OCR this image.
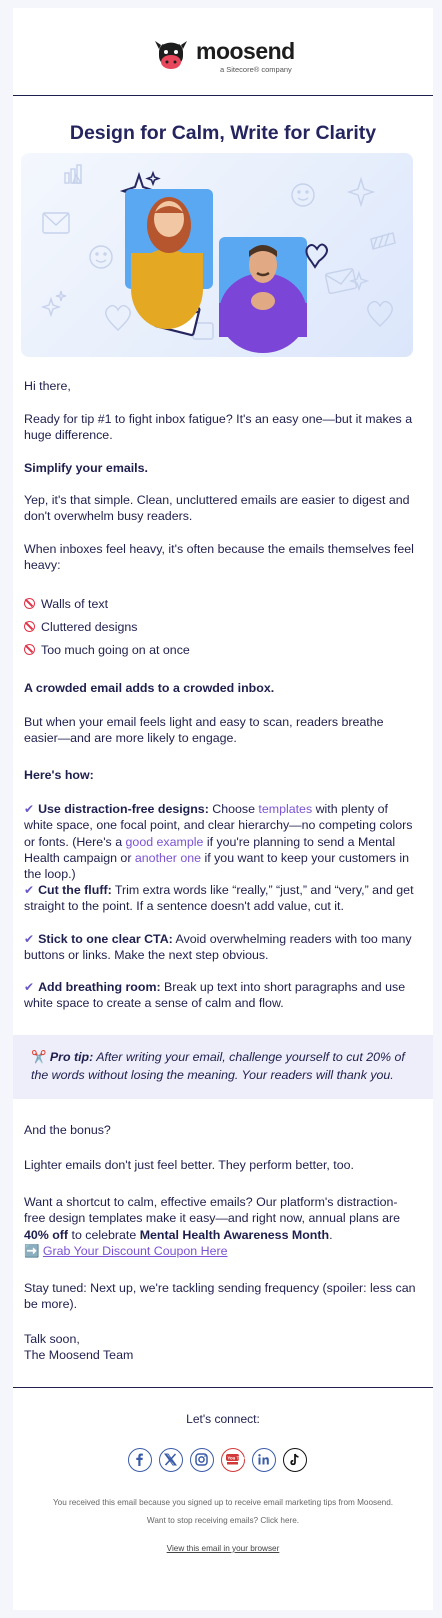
moosend
a Sitecore® company
Design for Calm, Write for Clarity
Hi there,
Ready for tip #1 to fight inbox fatigue? It's an easy one—but it makes a huge difference.
Simplify your emails.
Yep, it's that simple. Clean, uncluttered emails are easier to digest and don't overwhelm busy readers.
When inboxes feel heavy, it's often because the emails themselves feel heavy:
Walls of text
Cluttered designs
Too much going on at once
A crowded email adds to a crowded inbox.
But when your email feels light and easy to scan, readers breathe easier—and are more likely to engage.
Here's how:
✔ Use distraction-free designs: Choose templates with plenty of white space, one focal point, and clear hierarchy—no competing colors or fonts. (Here's a good example if you're planning to send a Mental Health campaign or another one if you want to keep your customers in the loop.)
✔ Cut the fluff: Trim extra words like “really,” “just,” and “very,” and get straight to the point. If a sentence doesn't add value, cut it.
✔ Stick to one clear CTA: Avoid overwhelming readers with too many buttons or links. Make the next step obvious.
✔ Add breathing room: Break up text into short paragraphs and use white space to create a sense of calm and flow.
✂️ Pro tip: After writing your email, challenge yourself to cut 20% of the words without losing the meaning. Your readers will thank you.
And the bonus?
Lighter emails don't just feel better. They perform better, too.
Want a shortcut to calm, effective emails? Our platform's distraction-free design templates make it easy—and right now, annual plans are 40% off to celebrate Mental Health Awareness Month.
➡️ Grab Your Discount Coupon Here
Stay tuned: Next up, we're tackling sending frequency (spoiler: less can be more).
Talk soon,
The Moosend Team
Let's connect:
You Tube
You received this email because you signed up to receive email marketing tips from Moosend.
Want to stop receiving emails? Click here.
View this email in your browser
